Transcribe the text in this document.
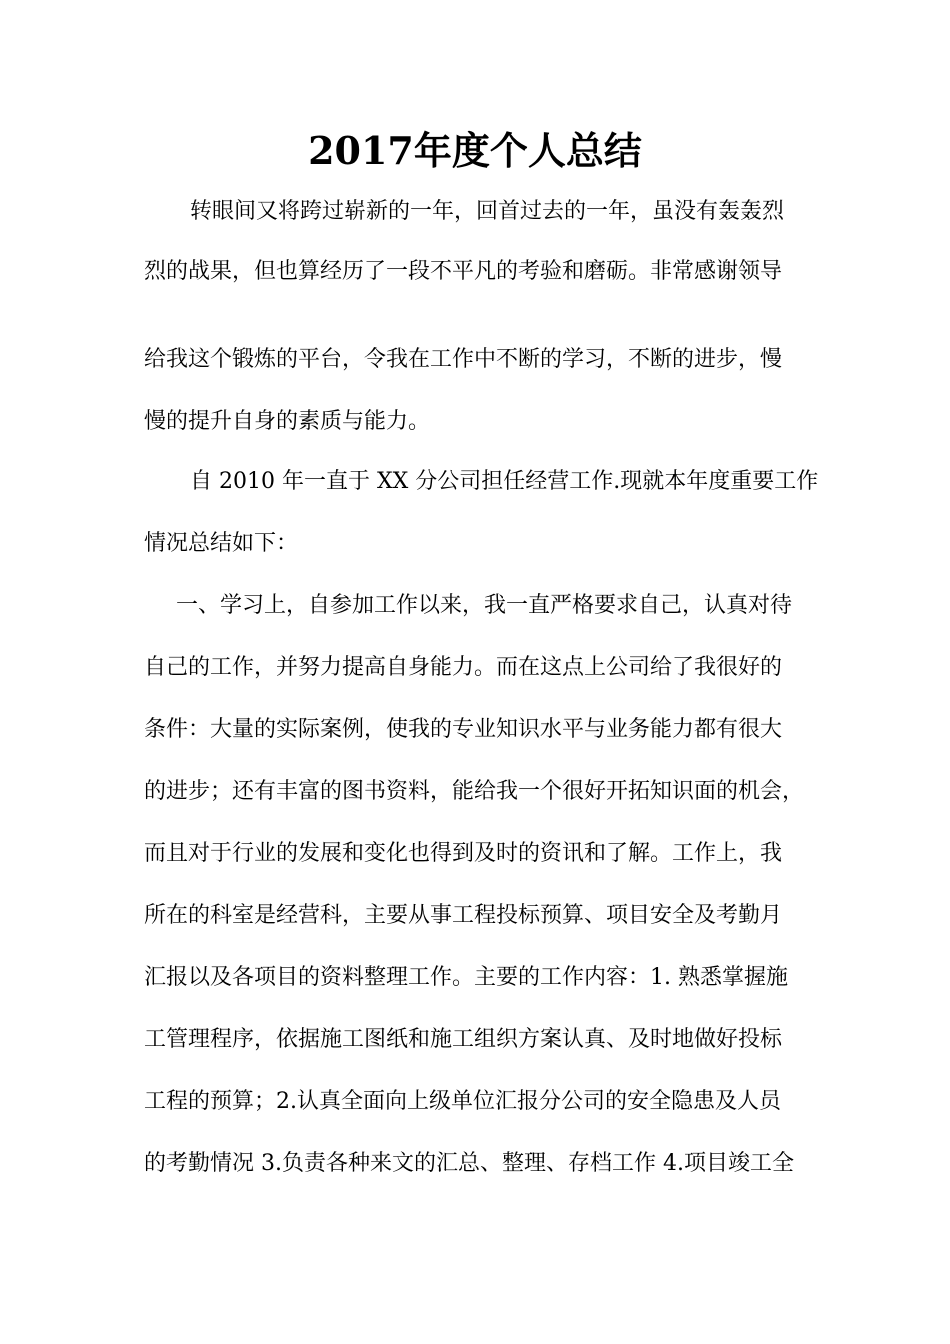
2017年度个人总结
转眼间又将跨过崭新的一年，回首过去的一年，虽没有轰轰烈
烈的战果，但也算经历了一段不平凡的考验和磨砺。非常感谢领导
给我这个锻炼的平台，令我在工作中不断的学习，不断的进步，慢
慢的提升自身的素质与能力。
自 2010 年一直于 XX 分公司担任经营工作.现就本年度重要工作
情况总结如下：
一、学习上，自参加工作以来，我一直严格要求自己，认真对待
自己的工作，并努力提高自身能力。而在这点上公司给了我很好的
条件：大量的实际案例，使我的专业知识水平与业务能力都有很大
的进步；还有丰富的图书资料，能给我一个很好开拓知识面的机会，
而且对于行业的发展和变化也得到及时的资讯和了解。工作上，我
所在的科室是经营科，主要从事工程投标预算、项目安全及考勤月
汇报以及各项目的资料整理工作。主要的工作内容：1. 熟悉掌握施
工管理程序，依据施工图纸和施工组织方案认真、及时地做好投标
工程的预算；2.认真全面向上级单位汇报分公司的安全隐患及人员
的考勤情况 3.负责各种来文的汇总、整理、存档工作 4.项目竣工全
